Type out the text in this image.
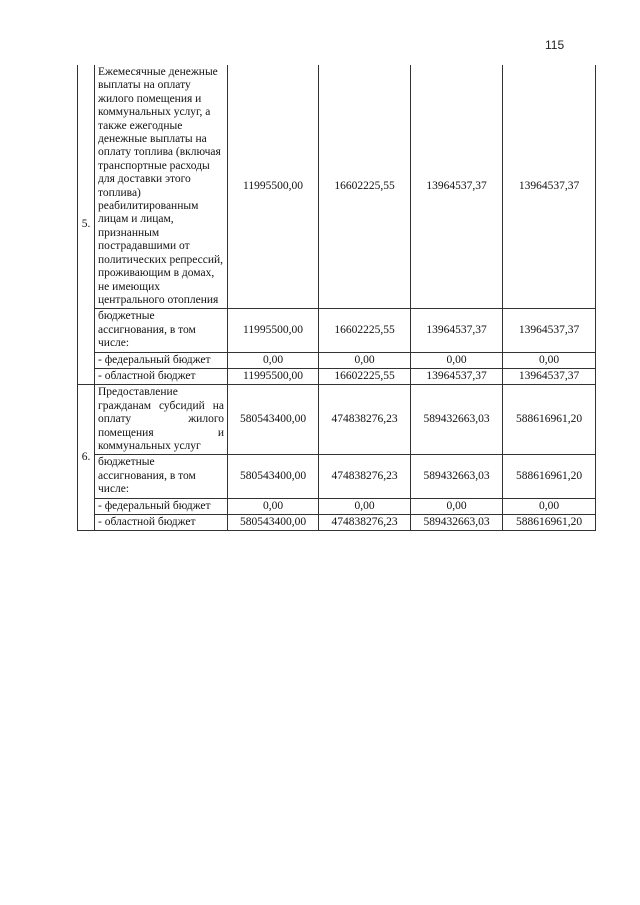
115
5.	Ежемесячные денежные выплаты на оплату жилого помещения и коммунальных услуг, а также ежегодные денежные выплаты на оплату топлива (включая транспортные расходы для доставки этого топлива) реабилитированным лицам и лицам, признанным пострадавшими от политических репрессий, проживающим в домах, не имеющих центрального отопления	11995500,00	16602225,55	13964537,37	13964537,37
	бюджетные ассигнования, в том числе:	11995500,00	16602225,55	13964537,37	13964537,37
	- федеральный бюджет	0,00	0,00	0,00	0,00
	- областной бюджет	11995500,00	16602225,55	13964537,37	13964537,37
6.	Предоставление гражданам субсидий на оплату жилого помещения и коммунальных услуг	580543400,00	474838276,23	589432663,03	588616961,20
	бюджетные ассигнования, в том числе:	580543400,00	474838276,23	589432663,03	588616961,20
	- федеральный бюджет	0,00	0,00	0,00	0,00
	- областной бюджет	580543400,00	474838276,23	589432663,03	588616961,20
